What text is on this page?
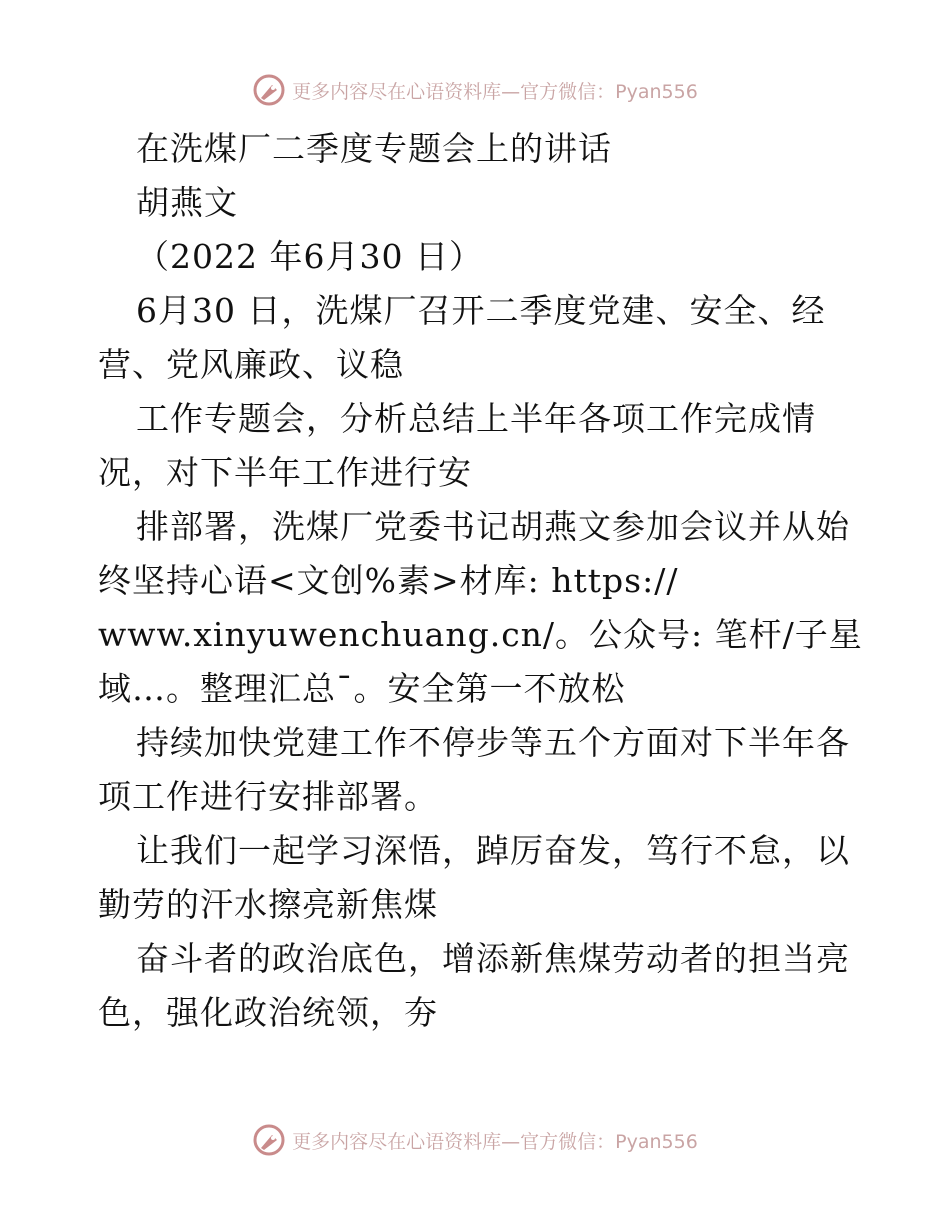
更多内容尽在心语资料库—官方微信：Pyan556
在洗煤厂二季度专题会上的讲话
胡燕文
（2022 年6月30 日）
6月30 日，洗煤厂召开二季度党建、安全、经
营、党风廉政、议稳
工作专题会，分析总结上半年各项工作完成情
况，对下半年工作进行安
排部署，洗煤厂党委书记胡燕文参加会议并从始
终坚持心语<文创%素>材库: https://
www.xinyuwenchuang.cn/。公众号: 笔杆/子星
域…。整理汇总¯。安全第一不放松
持续加快党建工作不停步等五个方面对下半年各
项工作进行安排部署。
让我们一起学习深悟，踔厉奋发，笃行不怠，以
勤劳的汗水擦亮新焦煤
奋斗者的政治底色，增添新焦煤劳动者的担当亮
色，强化政治统领，夯
更多内容尽在心语资料库—官方微信：Pyan556
